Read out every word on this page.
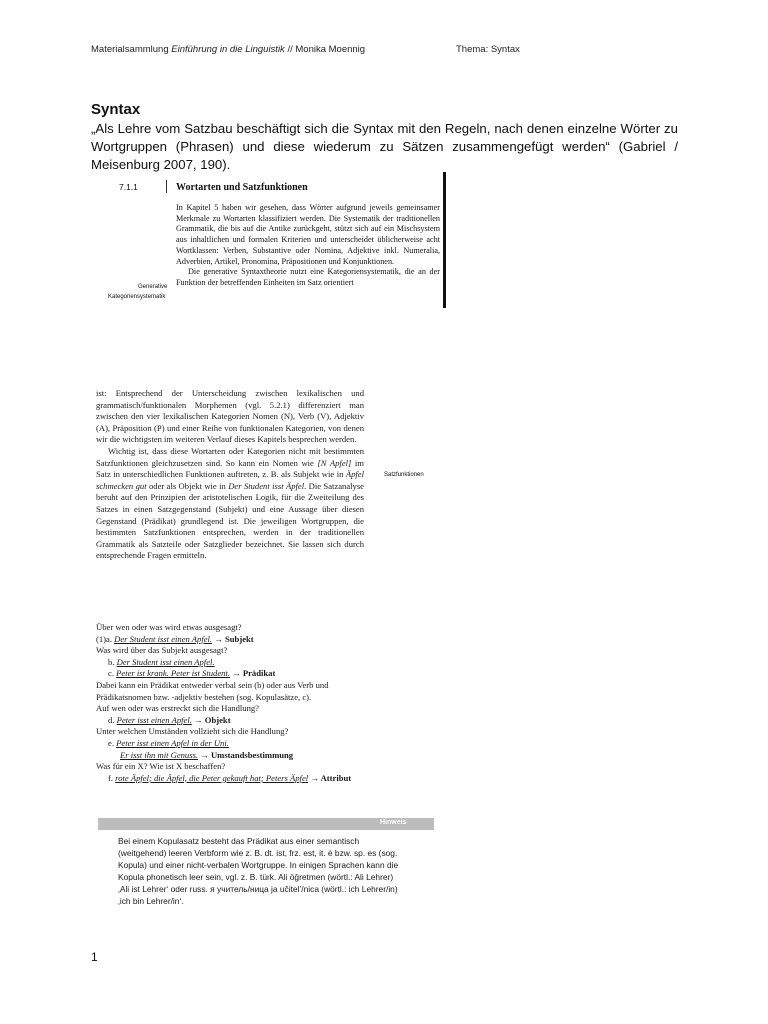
Materialsammlung Einführung in die Linguistik // Monika Moennig	Thema: Syntax
Syntax
„Als Lehre vom Satzbau beschäftigt sich die Syntax mit den Regeln, nach denen einzelne Wörter zu Wortgruppen (Phrasen) und diese wiederum zu Sätzen zusammengefügt werden“ (Gabriel / Meisenburg 2007, 190).
7.1.1	Wortarten und Satzfunktionen

In Kapitel 5 haben wir gesehen, dass Wörter aufgrund jeweils gemeinsamer Merkmale zu Wortarten klassifiziert werden. Die Systematik der traditionellen Grammatik, die bis auf die Antike zurückgeht, stützt sich auf ein Mischsystem aus inhaltlichen und formalen Kriterien und unterscheidet üblicherweise acht Wortklassen: Verben, Substantive oder Nomina, Adjektive inkl. Numeralia, Adverbien, Artikel, Pronomina, Präpositionen und Konjunktionen.

Die generative Syntaxtheorie nutzt eine Kategoriensystematik, die an der Funktion der betreffenden Einheiten im Satz orientiert

Generative
Kategoriensystematik

ist: Entsprechend der Unterscheidung zwischen lexikalischen und grammatisch/funktionalen Morphemen (vgl. 5.2.1) differenziert man zwischen den vier lexikalischen Kategorien Nomen (N), Verb (V), Adjektiv (A), Präposition (P) und einer Reihe von funktionalen Kategorien, von denen wir die wichtigsten im weiteren Verlauf dieses Kapitels besprechen werden.

Wichtig ist, dass diese Wortarten oder Kategorien nicht mit bestimmten Satzfunktionen gleichzusetzen sind. So kann ein Nomen wie [N Apfel] im Satz in unterschiedlichen Funktionen auftreten, z. B. als Subjekt wie in Äpfel schmecken gut oder als Objekt wie in Der Student isst Äpfel. Die Satzanalyse beruht auf den Prinzipien der aristotelischen Logik, für die Zweiteilung des Satzes in einen Satzgegenstand (Subjekt) und eine Aussage über diesen Gegenstand (Prädikat) grundlegend ist. Die jeweiligen Wortgruppen, die bestimmten Satzfunktionen entsprechen, werden in der traditionellen Grammatik als Satzteile oder Satzglieder bezeichnet. Sie lassen sich durch entsprechende Fragen ermitteln.

Satzfunktionen
Über wen oder was wird etwas ausgesagt?
(1)a. Der Student isst einen Apfel. → Subjekt
Was wird über das Subjekt ausgesagt?
b. Der Student isst einen Apfel.
c. Peter ist krank. Peter ist Student. → Prädikat
Dabei kann ein Prädikat entweder verbal sein (b) oder aus Verb und Prädikatsnomen bzw. -adjektiv bestehen (sog. Kopulasätze, c).
Auf wen oder was erstreckt sich die Handlung?
d. Peter isst einen Apfel. → Objekt
Unter welchen Umständen vollzieht sich die Handlung?
e. Peter isst einen Apfel in der Uni.
Er isst ihn mit Genuss. → Umstandsbestimmung
Was für ein X? Wie ist X beschaffen?
f. rote Äpfel; die Äpfel, die Peter gekauft hat; Peters Äpfel → Attribut
Hinweis
Bei einem Kopulasatz besteht das Prädikat aus einer semantisch (weitgehend) leeren Verbform wie z. B. dt. ist, frz. est, it. è bzw. sp. es (sog. Kopula) und einer nicht-verbalen Wortgruppe. In einigen Sprachen kann die Kopula phonetisch leer sein, vgl. z. B. türk. Ali öğretmen (wörtl.: Ali Lehrer) ‚Ali ist Lehrer‘ oder russ. я учитель/ница ja učitel’/nica (wörtl.: ich Lehrer/in) ‚ich bin Lehrer/in‘.
1
